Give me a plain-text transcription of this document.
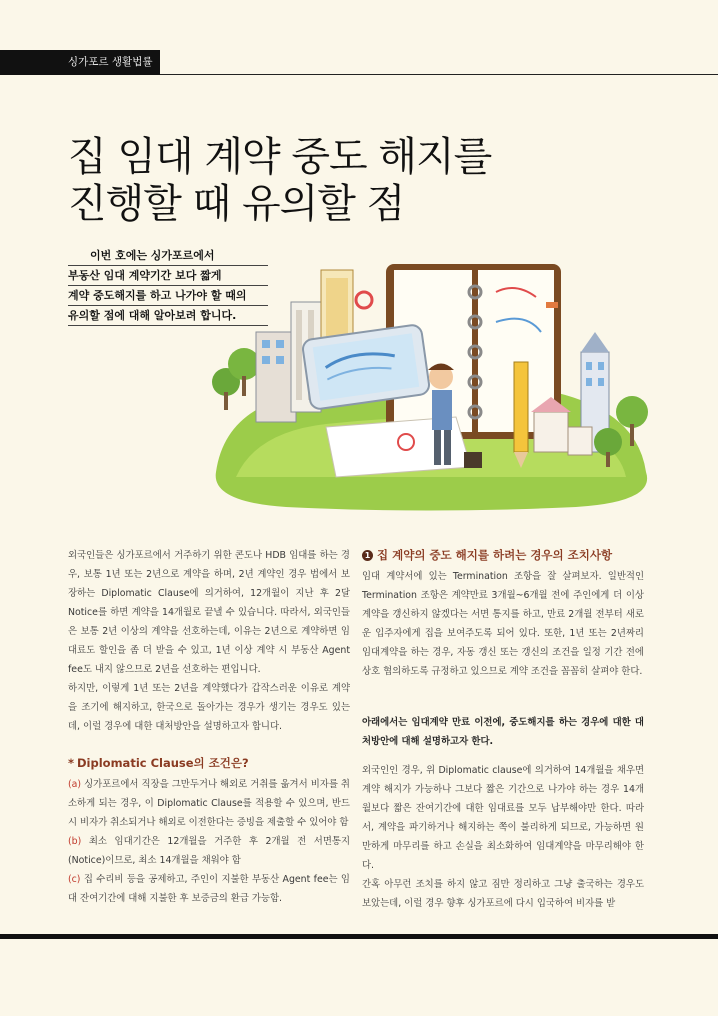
싱가포르 생활법률
집 임대 계약 중도 해지를
진행할 때 유의할 점
이번 호에는 싱가포르에서
부동산 임대 계약기간 보다 짧게
계약 중도해지를 하고 나가야 할 때의
유의할 점에 대해 알아보려 합니다.

외국인들은 싱가포르에서 거주하기 위한 콘도나 HDB 임대를 하는 경우, 보통 1년 또는 2년으로 계약을 하며, 2년 계약인 경우 법에서 보장하는 Diplomatic Clause에 의거하여, 12개월이 지난 후 2달 Notice를 하면 계약을 14개월로 끝낼 수 있습니다. 따라서, 외국인들은 보통 2년 이상의 계약을 선호하는데, 이유는 2년으로 계약하면 임대료도 할인을 좀 더 받을 수 있고, 1년 이상 계약 시 부동산 Agent fee도 내지 않으므로 2년을 선호하는 편입니다.

하지만, 이렇게 1년 또는 2년을 계약했다가 갑작스러운 이유로 계약을 조기에 해지하고, 한국으로 돌아가는 경우가 생기는 경우도 있는데, 이럴 경우에 대한 대처방안을 설명하고자 합니다.

* Diplomatic Clause의 조건은?

(a) 싱가포르에서 직장을 그만두거나 해외로 거취를 옮겨서 비자를 취소하게 되는 경우, 이 Diplomatic Clause를 적용할 수 있으며, 반드시 비자가 취소되거나 해외로 이전한다는 증빙을 제출할 수 있어야 함

(b) 최소 임대기간은 12개월을 거주한 후 2개월 전 서면통지(Notice)이므로, 최소 14개월을 채워야 함

(c) 집 수리비 등을 공제하고, 주인이 지불한 부동산 Agent fee는 임대 잔여기간에 대해 지불한 후 보증금의 환급 가능함.

1 집 계약의 중도 해지를 하려는 경우의 조치사항

임대 계약서에 있는 Termination 조항을 잘 살펴보자. 일반적인 Termination 조항은 계약만료 3개월~6개월 전에 주인에게 더 이상 계약을 갱신하지 않겠다는 서면 통지를 하고, 만료 2개월 전부터 새로운 입주자에게 집을 보여주도록 되어 있다. 또한, 1년 또는 2년짜리 임대계약을 하는 경우, 자동 갱신 또는 갱신의 조건을 일정 기간 전에 상호 협의하도록 규정하고 있으므로 계약 조건을 꼼꼼히 살펴야 한다.

아래에서는 임대계약 만료 이전에, 중도해지를 하는 경우에 대한 대처방안에 대해 설명하고자 한다.

외국인인 경우, 위 Diplomatic clause에 의거하여 14개월을 채우면 계약 해지가 가능하나 그보다 짧은 기간으로 나가야 하는 경우 14개월보다 짧은 잔여기간에 대한 임대료를 모두 납부해야만 한다. 따라서, 계약을 파기하거나 해지하는 쪽이 불리하게 되므로, 가능하면 원만하게 마무리를 하고 손실을 최소화하여 임대계약을 마무리해야 한다.

간혹 아무런 조치를 하지 않고 짐만 정리하고 그냥 출국하는 경우도 보았는데, 이럴 경우 향후 싱가포르에 다시 입국하여 비자를 받
